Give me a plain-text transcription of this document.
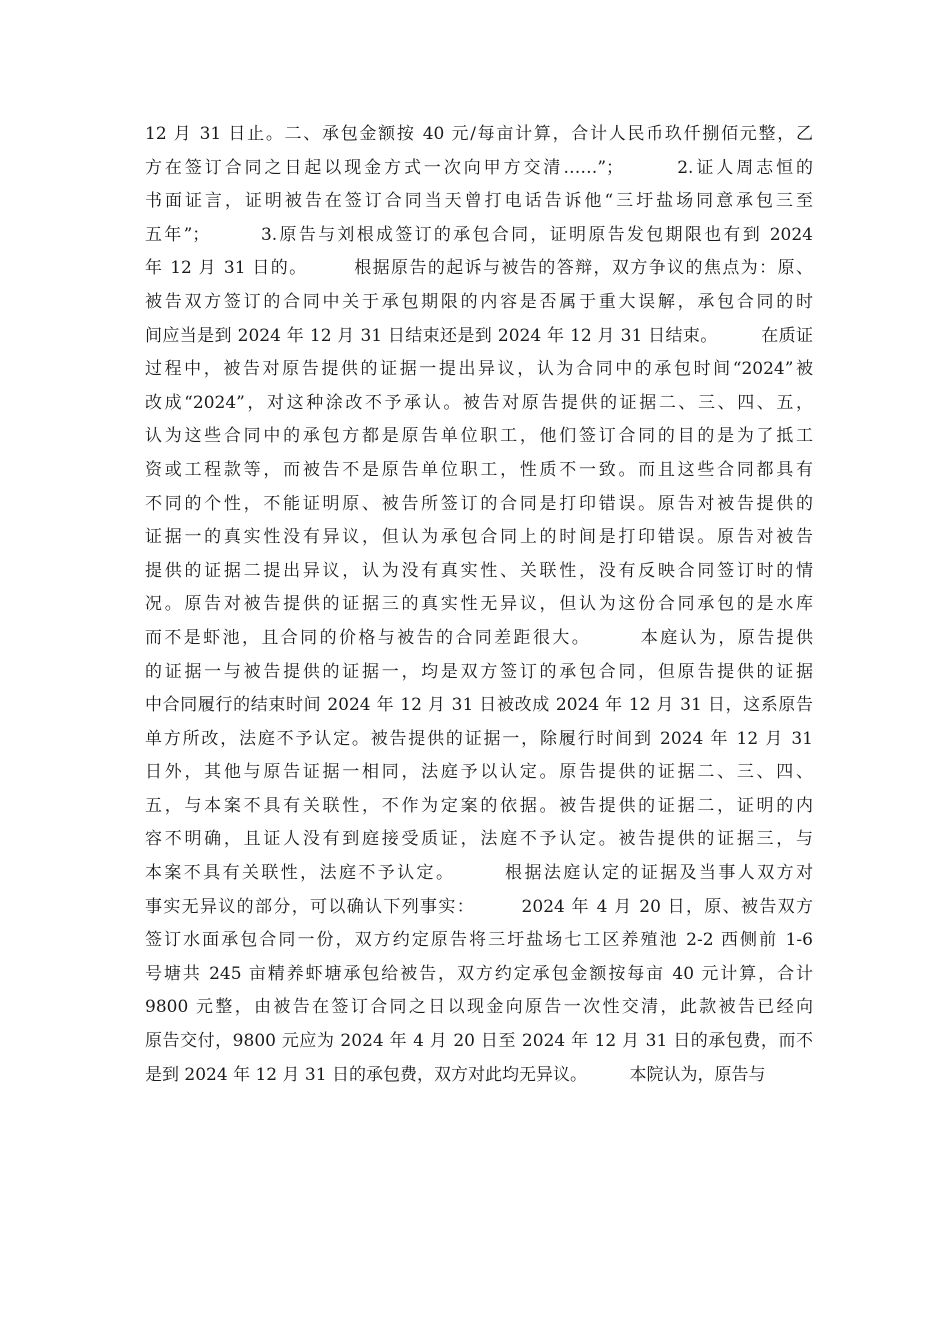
12 月 31 日止。二、承包金额按 40 元/每亩计算，合计人民币玖仟捌佰元整，乙
方在签订合同之日起以现金方式一次向甲方交清……”；　　　2.证人周志恒的
书面证言，证明被告在签订合同当天曾打电话告诉他“三圩盐场同意承包三至
五年”；　　　3.原告与刘根成签订的承包合同，证明原告发包期限也有到 2024
年 12 月 31 日的。　　　根据原告的起诉与被告的答辩，双方争议的焦点为：原、
被告双方签订的合同中关于承包期限的内容是否属于重大误解，承包合同的时
间应当是到 2024 年 12 月 31 日结束还是到 2024 年 12 月 31 日结束。　　　在质证
过程中，被告对原告提供的证据一提出异议，认为合同中的承包时间“2024”被
改成“2024”，对这种涂改不予承认。被告对原告提供的证据二、三、四、五，
认为这些合同中的承包方都是原告单位职工，他们签订合同的目的是为了抵工
资或工程款等，而被告不是原告单位职工，性质不一致。而且这些合同都具有
不同的个性，不能证明原、被告所签订的合同是打印错误。原告对被告提供的
证据一的真实性没有异议，但认为承包合同上的时间是打印错误。原告对被告
提供的证据二提出异议，认为没有真实性、关联性，没有反映合同签订时的情
况。原告对被告提供的证据三的真实性无异议，但认为这份合同承包的是水库
而不是虾池，且合同的价格与被告的合同差距很大。　　　本庭认为，原告提供
的证据一与被告提供的证据一，均是双方签订的承包合同，但原告提供的证据
中合同履行的结束时间 2024 年 12 月 31 日被改成 2024 年 12 月 31 日，这系原告
单方所改，法庭不予认定。被告提供的证据一，除履行时间到 2024 年 12 月 31
日外，其他与原告证据一相同，法庭予以认定。原告提供的证据二、三、四、
五，与本案不具有关联性，不作为定案的依据。被告提供的证据二，证明的内
容不明确，且证人没有到庭接受质证，法庭不予认定。被告提供的证据三，与
本案不具有关联性，法庭不予认定。　　　根据法庭认定的证据及当事人双方对
事实无异议的部分，可以确认下列事实：　　　2024 年 4 月 20 日，原、被告双方
签订水面承包合同一份，双方约定原告将三圩盐场七工区养殖池 2-2 西侧前 1-6
号塘共 245 亩精养虾塘承包给被告，双方约定承包金额按每亩 40 元计算，合计
9800 元整，由被告在签订合同之日以现金向原告一次性交清，此款被告已经向
原告交付，9800 元应为 2024 年 4 月 20 日至 2024 年 12 月 31 日的承包费，而不
是到 2024 年 12 月 31 日的承包费，双方对此均无异议。　　　本院认为，原告与
